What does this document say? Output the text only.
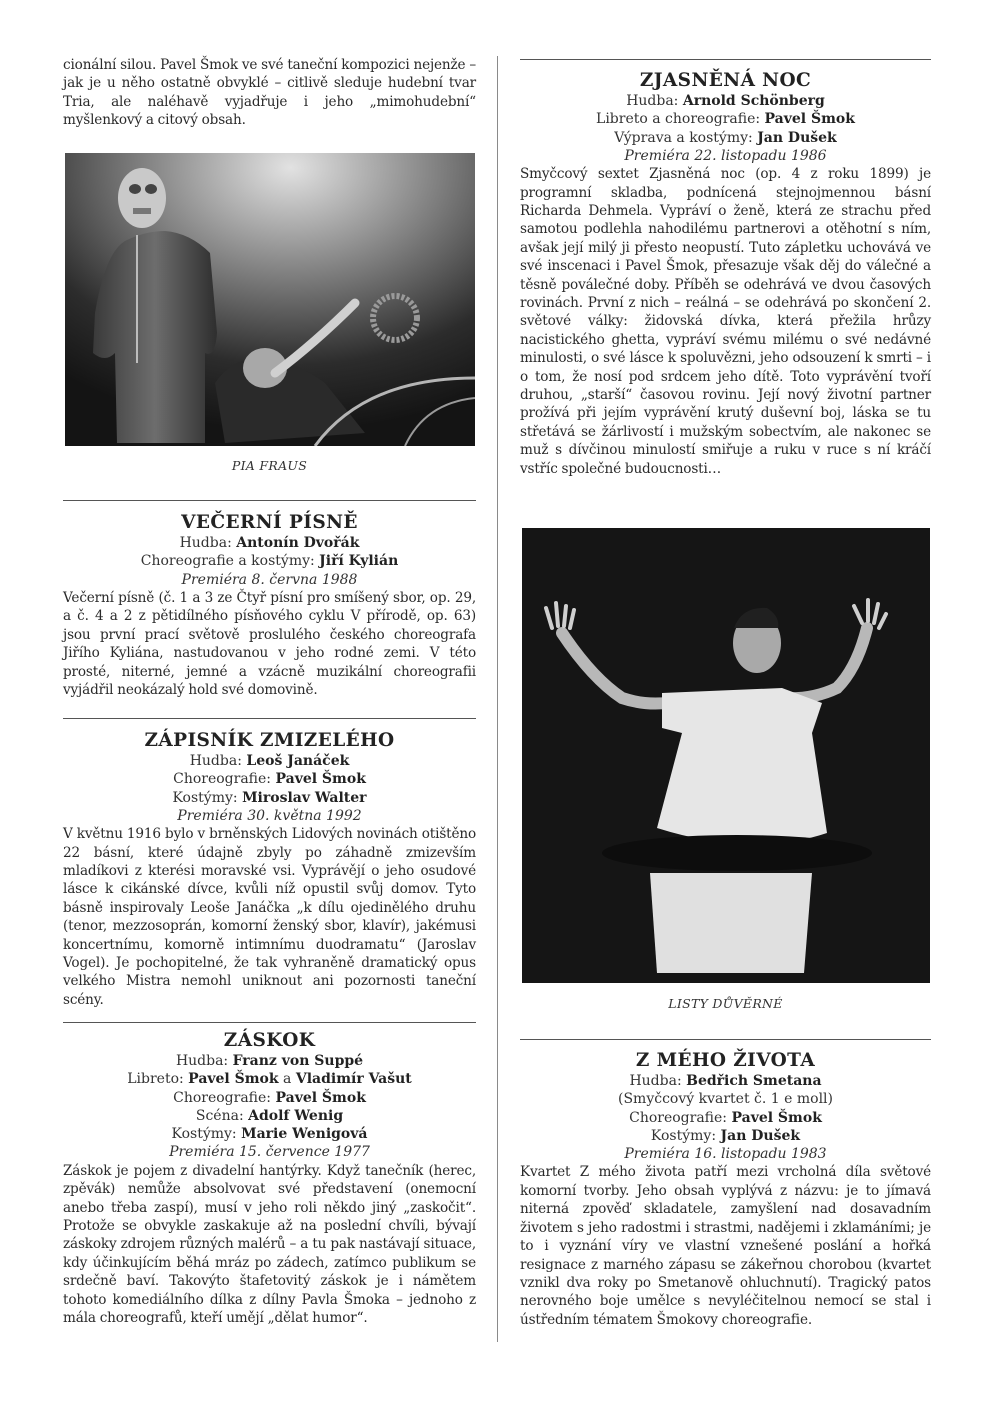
cionální silou. Pavel Šmok ve své taneční kompozici nejenže – jak je u něho ostatně obvyklé – citlivě sleduje hudební tvar Tria, ale naléhavě vyjadřuje i jeho „mimohudební“ myšlenkový a citový obsah.

PIA FRAUS
VEČERNÍ PÍSNĚ
Hudba: Antonín Dvořák
Choreografie a kostýmy: Jiří Kylián
Premiéra 8. června 1988

Večerní písně (č. 1 a 3 ze Čtyř písní pro smíšený sbor, op. 29, a č. 4 a 2 z pětidílného písňového cyklu V přírodě, op. 63) jsou první prací světově proslulého českého choreografa Jiřího Kyliána, nastudovanou v jeho rodné zemi. V této prosté, niterné, jemné a vzácně muzikální choreografii vyjádřil neokázalý hold své domovině.

ZÁPISNÍK ZMIZELÉHO
Hudba: Leoš Janáček
Choreografie: Pavel Šmok
Kostýmy: Miroslav Walter
Premiéra 30. května 1992

V květnu 1916 bylo v brněnských Lidových novinách otištěno 22 básní, které údajně zbyly po záhadně zmizevším mladíkovi z kterési moravské vsi. Vyprávějí o jeho osudové lásce k cikánské dívce, kvůli níž opustil svůj domov. Tyto básně inspirovaly Leoše Janáčka „k dílu ojedinělého druhu (tenor, mezzosoprán, komorní ženský sbor, klavír), jakémusi koncertnímu, komorně intimnímu duodramatu“ (Jaroslav Vogel). Je pochopitelné, že tak vyhraněně dramatický opus velkého Mistra nemohl uniknout ani pozornosti taneční scény.

ZÁSKOK
Hudba: Franz von Suppé
Libreto: Pavel Šmok a Vladimír Vašut
Choreografie: Pavel Šmok
Scéna: Adolf Wenig
Kostýmy: Marie Wenigová
Premiéra 15. července 1977

Záskok je pojem z divadelní hantýrky. Když tanečník (herec, zpěvák) nemůže absolvovat své představení (onemocní anebo třeba zaspí), musí v jeho roli někdo jiný „zaskočit“. Protože se obvykle zaskakuje až na poslední chvíli, bývají záskoky zdrojem různých malérů – a tu pak nastávají situace, kdy účinkujícím běhá mráz po zádech, zatímco publikum se srdečně baví. Takovýto štafetovitý záskok je i námětem tohoto komediálního dílka z dílny Pavla Šmoka – jednoho z mála choreografů, kteří umějí „dělat humor“.

ZJASNĚNÁ NOC
Hudba: Arnold Schönberg
Libreto a choreografie: Pavel Šmok
Výprava a kostýmy: Jan Dušek
Premiéra 22. listopadu 1986

Smyčcový sextet Zjasněná noc (op. 4 z roku 1899) je programní skladba, podnícená stejnojmennou básní Richarda Dehmela. Vypráví o ženě, která ze strachu před samotou podlehla nahodilému partnerovi a otěhotní s ním, avšak její milý ji přesto neopustí. Tuto zápletku uchovává ve své inscenaci i Pavel Šmok, přesazuje však děj do válečné a těsně poválečné doby. Příběh se odehrává ve dvou časových rovinách. První z nich – reálná – se odehrává po skončení 2. světové války: židovská dívka, která přežila hrůzy nacistického ghetta, vypráví svému milému o své nedávné minulosti, o své lásce k spoluvězni, jeho odsouzení k smrti – i o tom, že nosí pod srdcem jeho dítě. Toto vyprávění tvoří druhou, „starší“ časovou rovinu. Její nový životní partner prožívá při jejím vyprávění krutý duševní boj, láska se tu střetává se žárlivostí i mužským sobectvím, ale nakonec se muž s dívčinou minulostí smiřuje a ruku v ruce s ní kráčí vstříc společné budoucnosti…

LISTY DŮVĚRNÉ
Z MÉHO ŽIVOTA
Hudba: Bedřich Smetana
(Smyčcový kvartet č. 1 e moll)
Choreografie: Pavel Šmok
Kostýmy: Jan Dušek
Premiéra 16. listopadu 1983

Kvartet Z mého života patří mezi vrcholná díla světové komorní tvorby. Jeho obsah vyplývá z názvu: je to jímavá niterná zpověď skladatele, zamyšlení nad dosavadním životem s jeho radostmi i strastmi, nadějemi i zklamáními; je to i vyznání víry ve vlastní vznešené poslání a hořká resignace z marného zápasu se zákeřnou chorobou (kvartet vznikl dva roky po Smetanově ohluchnutí). Tragický patos nerovného boje umělce s nevyléčitelnou nemocí se stal i ústředním tématem Šmokovy choreografie.
